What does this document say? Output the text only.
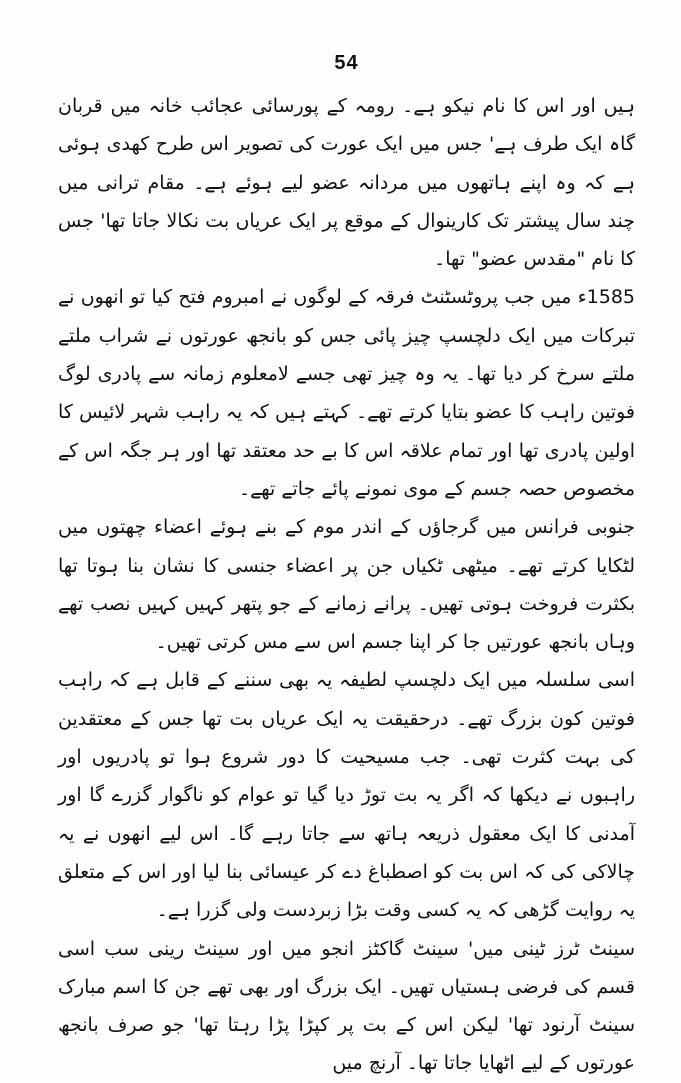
54

ہیں اور اس کا نام نیکو ہے۔ رومہ کے پورسائی عجائب خانہ میں قربان گاہ ایک طرف ہے' جس میں ایک عورت کی تصویر اس طرح کھدی ہوئی ہے کہ وہ اپنے ہاتھوں میں مردانہ عضو لیے ہوئے ہے۔ مقام ترانی میں چند سال پیشتر تک کارینوال کے موقع پر ایک عریاں بت نکالا جاتا تھا' جس کا نام "مقدس عضو" تھا۔

1585ء میں جب پروٹسٹنٹ فرقہ کے لوگوں نے امبروم فتح کیا تو انھوں نے تبرکات میں ایک دلچسپ چیز پائی جس کو بانجھ عورتوں نے شراب ملتے ملتے سرخ کر دیا تھا۔ یہ وہ چیز تھی جسے لامعلوم زمانہ سے پادری لوگ فوتین راہب کا عضو بتایا کرتے تھے۔ کہتے ہیں کہ یہ راہب شہر لائیس کا اولین پادری تھا اور تمام علاقہ اس کا بے حد معتقد تھا اور ہر جگہ اس کے مخصوص حصہ جسم کے موی نمونے پائے جاتے تھے۔

جنوبی فرانس میں گرجاؤں کے اندر موم کے بنے ہوئے اعضاء چھتوں میں لٹکایا کرتے تھے۔ میٹھی ٹکیاں جن پر اعضاء جنسی کا نشان بنا ہوتا تھا بکثرت فروخت ہوتی تھیں۔ پرانے زمانے کے جو پتھر کہیں کہیں نصب تھے وہاں بانجھ عورتیں جا کر اپنا جسم اس سے مس کرتی تھیں۔

اسی سلسلہ میں ایک دلچسپ لطیفہ یہ بھی سننے کے قابل ہے کہ راہب فوتین کون بزرگ تھے۔ درحقیقت یہ ایک عریاں بت تھا جس کے معتقدین کی بہت کثرت تھی۔ جب مسیحیت کا دور شروع ہوا تو پادریوں اور راہبوں نے دیکھا کہ اگر یہ بت توڑ دیا گیا تو عوام کو ناگوار گزرے گا اور آمدنی کا ایک معقول ذریعہ ہاتھ سے جاتا رہے گا۔ اس لیے انھوں نے یہ چالاکی کی کہ اس بت کو اصطباغ دے کر عیسائی بنا لیا اور اس کے متعلق یہ روایت گڑھی کہ یہ کسی وقت بڑا زبردست ولی گزرا ہے۔

سینٹ ٹرز ٹینی میں' سینٹ گاکٹز انجو میں اور سینٹ رینی سب اسی قسم کی فرضی ہستیاں تھیں۔ ایک بزرگ اور بھی تھے جن کا اسم مبارک سینٹ آرنود تھا' لیکن اس کے بت پر کپڑا پڑا رہتا تھا' جو صرف بانجھ عورتوں کے لیے اٹھایا جاتا تھا۔ آرنچ میں
